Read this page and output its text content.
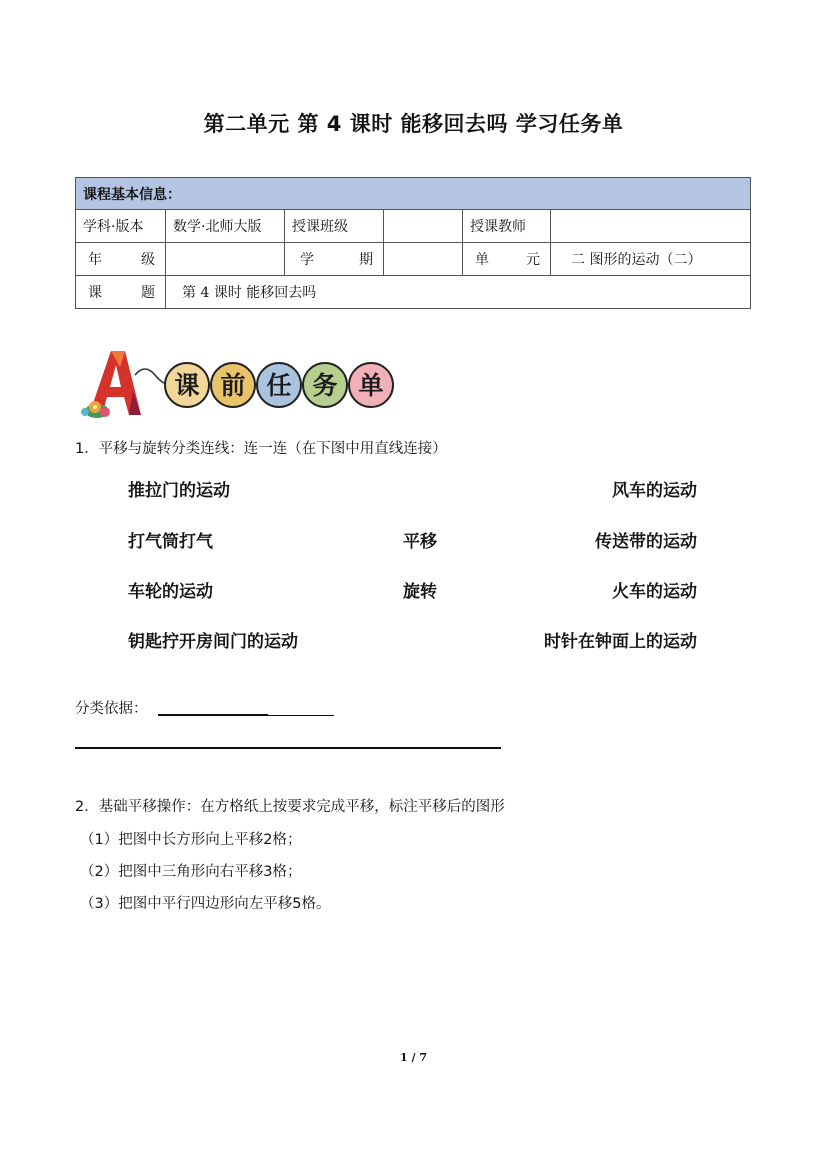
第二单元 第 4 课时 能移回去吗 学习任务单
课程基本信息：					
学科·版本	数学·北师大版	授课班级		授课教师	

年 级		学 期		单 元	二 图形的运动（二）

课 题	第 4 课时 能移回去吗				
A 课 前 任 务 单
1．平移与旋转分类连线：连一连（在下图中用直线连接）
推拉门的运动
打气筒打气
车轮的运动
钥匙拧开房间门的运动
平移
旋转
风车的运动
传送带的运动
火车的运动
时针在钟面上的运动
分类依据：
2．基础平移操作：在方格纸上按要求完成平移，标注平移后的图形
（1）把图中长方形向上平移2格；
（2）把图中三角形向右平移3格；
（3）把图中平行四边形向左平移5格。
1 / 7
